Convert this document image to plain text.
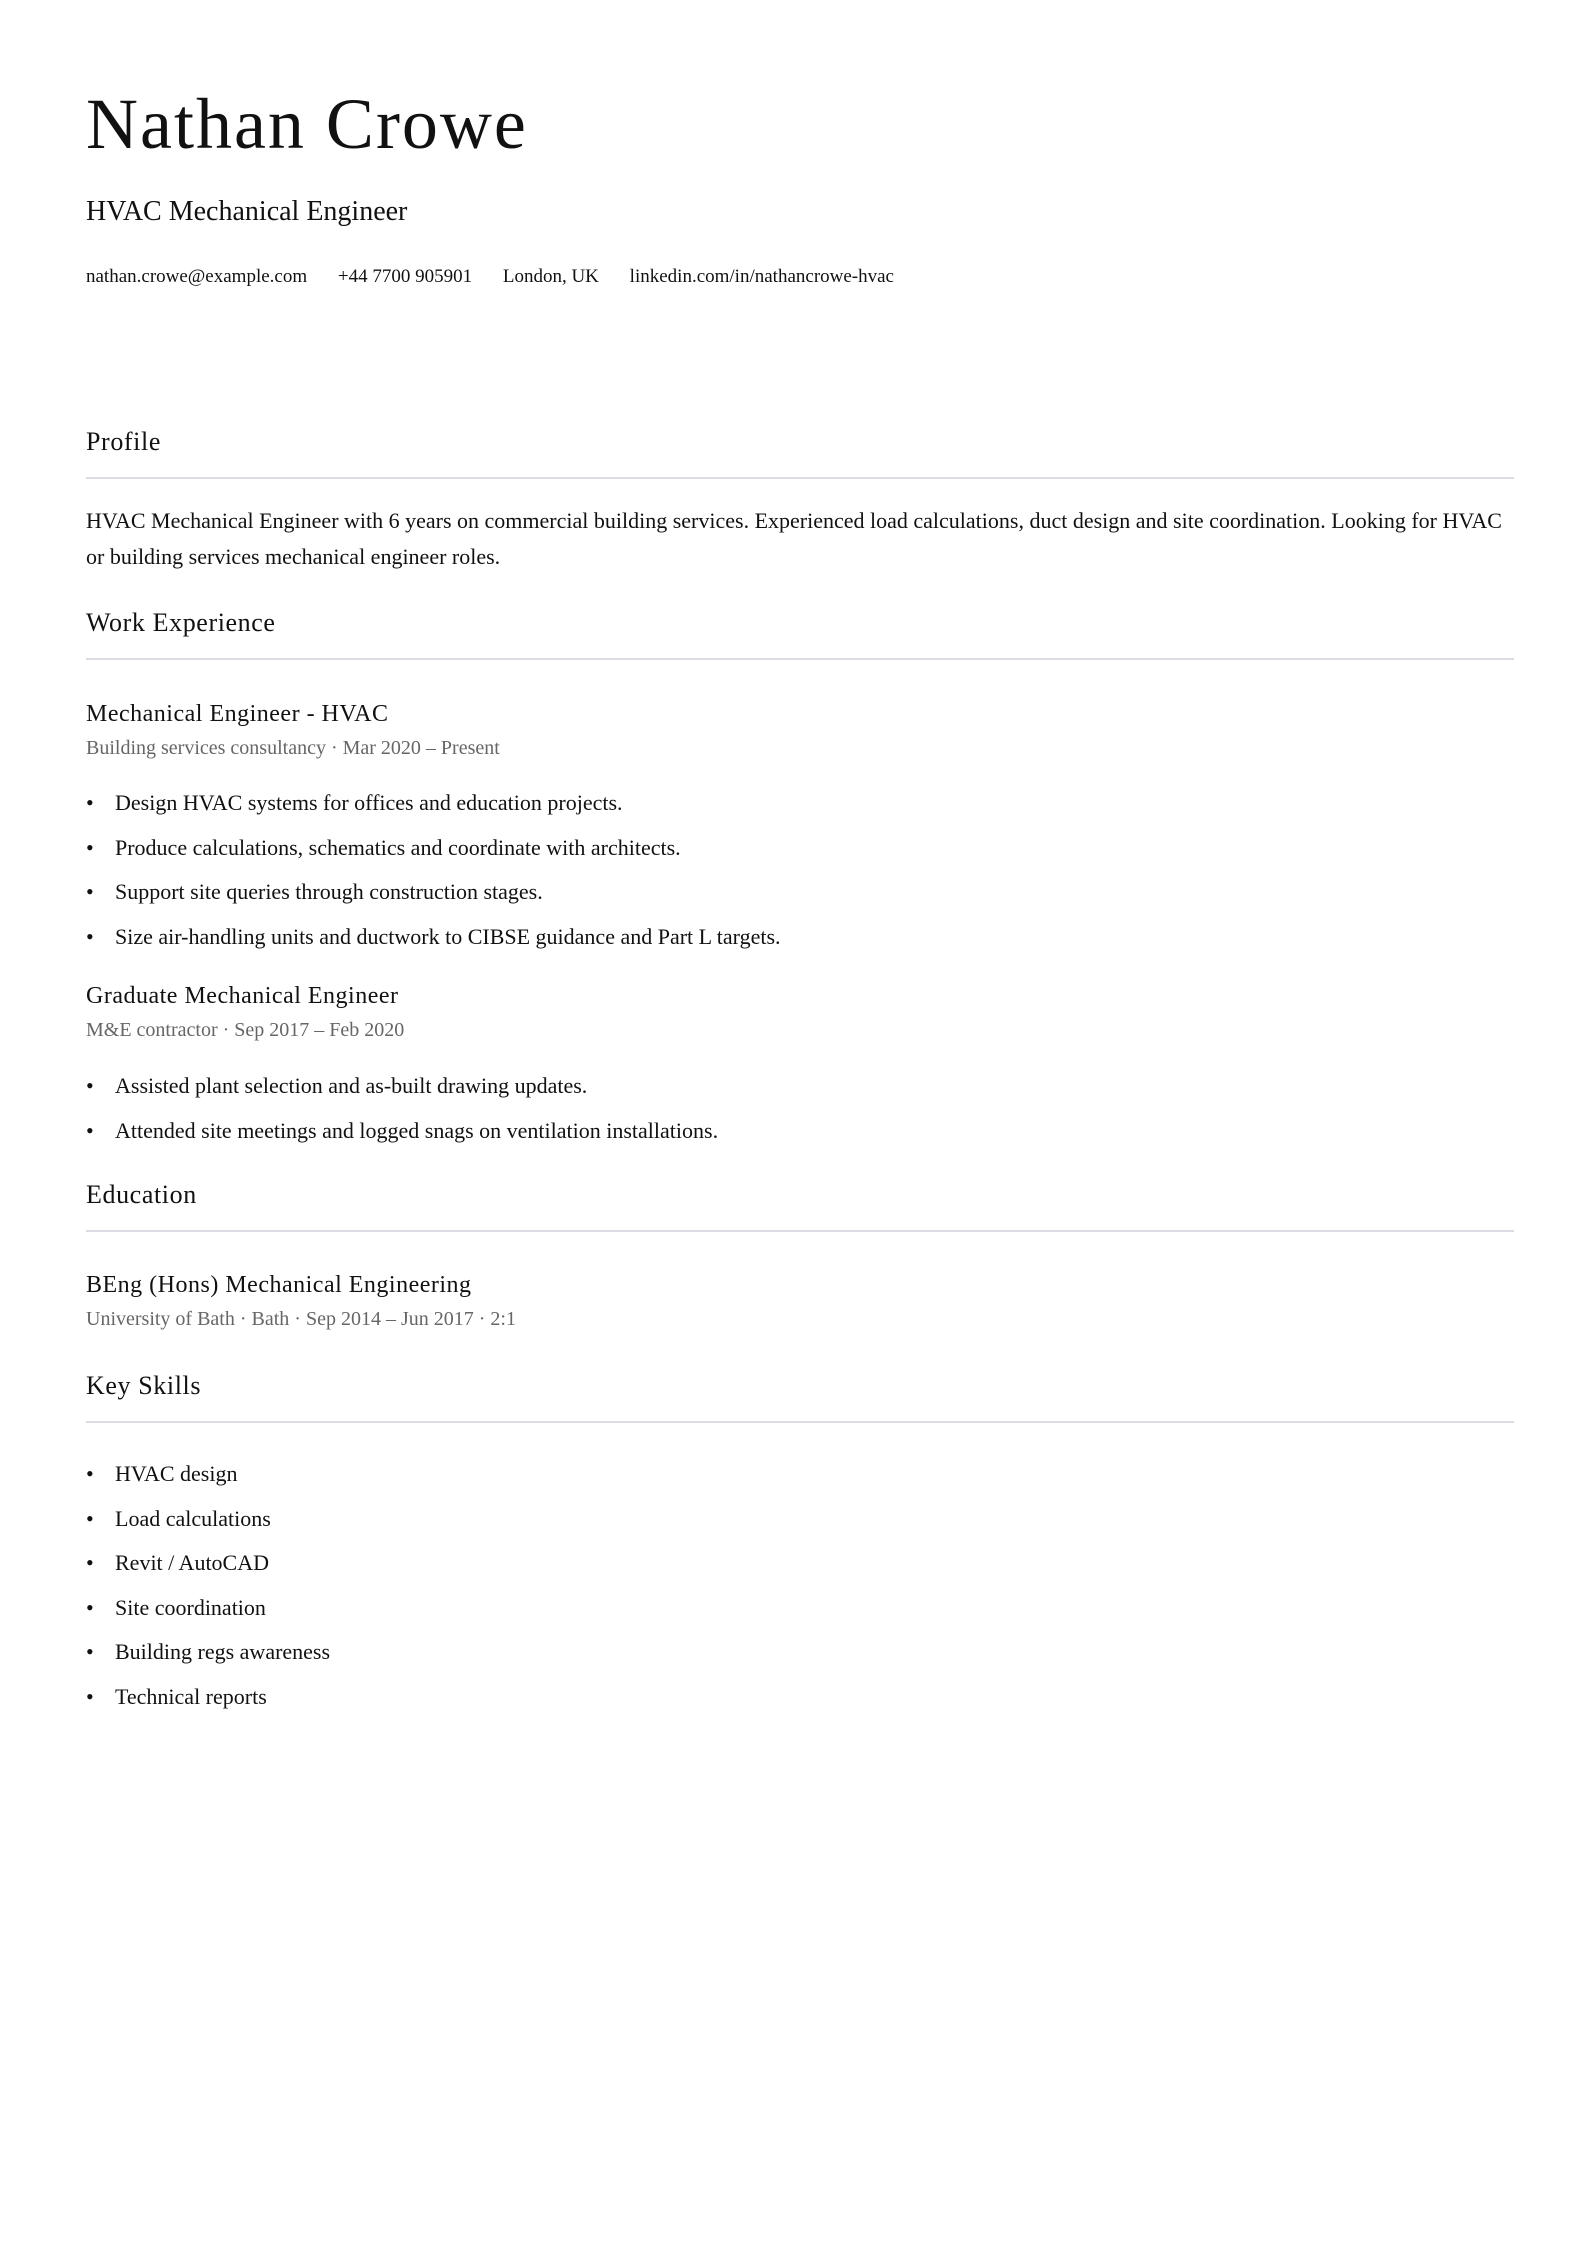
Nathan Crowe
HVAC Mechanical Engineer
nathan.crowe@example.com +44 7700 905901 London, UK linkedin.com/in/nathancrowe-hvac
Profile
HVAC Mechanical Engineer with 6 years on commercial building services. Experienced load calculations, duct design and site coordination. Looking for HVAC or building services mechanical engineer roles.
Work Experience
Mechanical Engineer - HVAC
Building services consultancy · Mar 2020 – Present
• Design HVAC systems for offices and education projects.
• Produce calculations, schematics and coordinate with architects.
• Support site queries through construction stages.
• Size air-handling units and ductwork to CIBSE guidance and Part L targets.
Graduate Mechanical Engineer
M&E contractor · Sep 2017 – Feb 2020
• Assisted plant selection and as-built drawing updates.
• Attended site meetings and logged snags on ventilation installations.
Education
BEng (Hons) Mechanical Engineering
University of Bath · Bath · Sep 2014 – Jun 2017 · 2:1
Key Skills
• HVAC design
• Load calculations
• Revit / AutoCAD
• Site coordination
• Building regs awareness
• Technical reports
